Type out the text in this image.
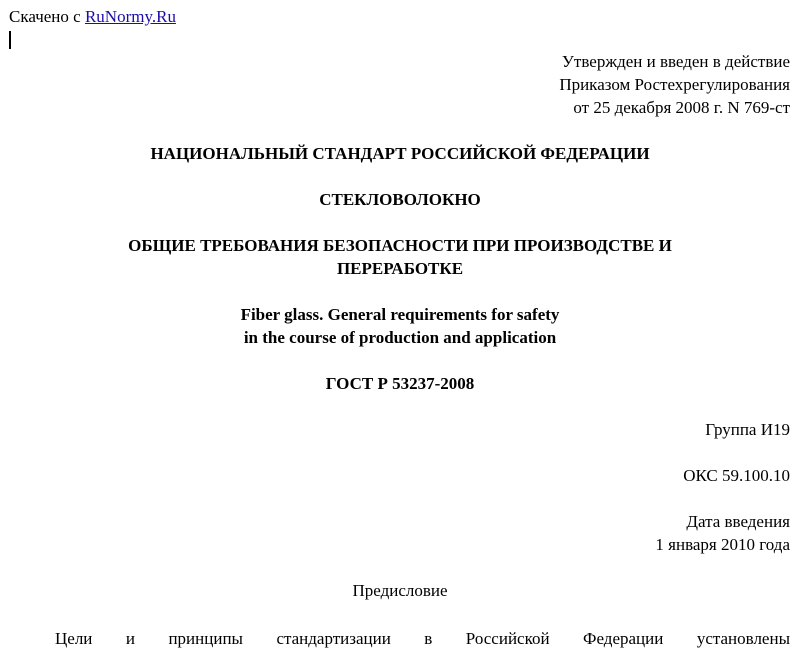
Скачено с RuNormy.Ru
Утвержден и введен в действие
Приказом Ростехрегулирования
от 25 декабря 2008 г. N 769-ст
НАЦИОНАЛЬНЫЙ СТАНДАРТ РОССИЙСКОЙ ФЕДЕРАЦИИ
СТЕКЛОВОЛОКНО
ОБЩИЕ ТРЕБОВАНИЯ БЕЗОПАСНОСТИ ПРИ ПРОИЗВОДСТВЕ И
ПЕРЕРАБОТКЕ
Fiber glass. General requirements for safety
in the course of production and application
ГОСТ Р 53237-2008
Группа И19
ОКС 59.100.10
Дата введения
1 января 2010 года
Предисловие
Цели и принципы стандартизации в Российской Федерации установлены
